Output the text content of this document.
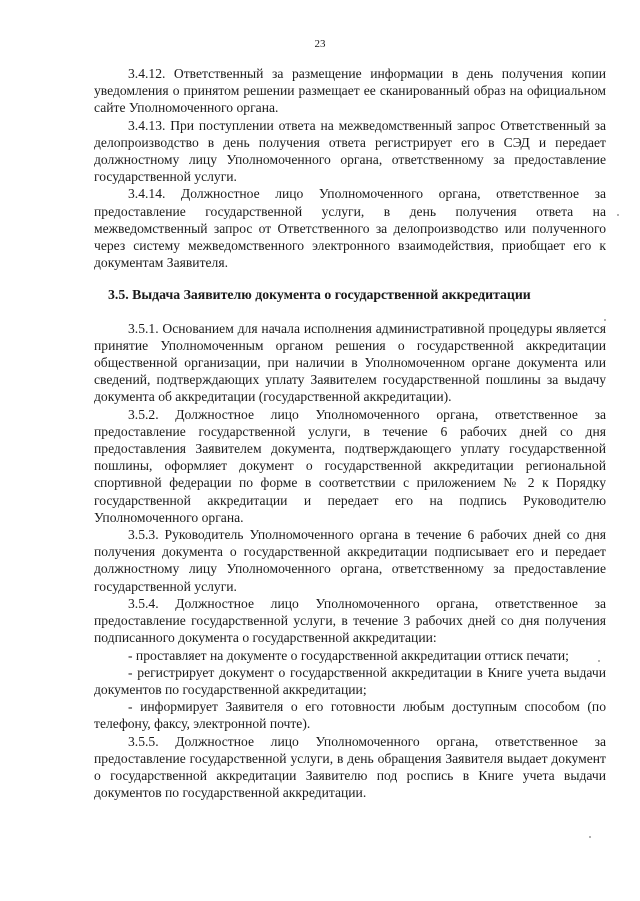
23

3.4.12. Ответственный за размещение информации в день получения копии уведомления о принятом решении размещает ее сканированный образ на официальном сайте Уполномоченного органа.

3.4.13. При поступлении ответа на межведомственный запрос Ответственный за делопроизводство в день получения ответа регистрирует его в СЭД и передает должностному лицу Уполномоченного органа, ответственному за предоставление государственной услуги.

3.4.14. Должностное лицо Уполномоченного органа, ответственное за предоставление государственной услуги, в день получения ответа на межведомственный запрос от Ответственного за делопроизводство или полученного через систему межведомственного электронного взаимодействия, приобщает его к документам Заявителя.

3.5. Выдача Заявителю документа о государственной аккредитации

3.5.1. Основанием для начала исполнения административной процедуры является принятие Уполномоченным органом решения о государственной аккредитации общественной организации, при наличии в Уполномоченном органе документа или сведений, подтверждающих уплату Заявителем государственной пошлины за выдачу документа об аккредитации (государственной аккредитации).

3.5.2. Должностное лицо Уполномоченного органа, ответственное за предоставление государственной услуги, в течение 6 рабочих дней со дня предоставления Заявителем документа, подтверждающего уплату государственной пошлины, оформляет документ о государственной аккредитации региональной спортивной федерации по форме в соответствии с приложением № 2 к Порядку государственной аккредитации и передает его на подпись Руководителю Уполномоченного органа.

3.5.3. Руководитель Уполномоченного органа в течение 6 рабочих дней со дня получения документа о государственной аккредитации подписывает его и передает должностному лицу Уполномоченного органа, ответственному за предоставление государственной услуги.

3.5.4. Должностное лицо Уполномоченного органа, ответственное за предоставление государственной услуги, в течение 3 рабочих дней со дня получения подписанного документа о государственной аккредитации:

- проставляет на документе о государственной аккредитации оттиск печати;

- регистрирует документ о государственной аккредитации в Книге учета выдачи документов по государственной аккредитации;

- информирует Заявителя о его готовности любым доступным способом (по телефону, факсу, электронной почте).

3.5.5. Должностное лицо Уполномоченного органа, ответственное за предоставление государственной услуги, в день обращения Заявителя выдает документ о государственной аккредитации Заявителю под роспись в Книге учета выдачи документов по государственной аккредитации.
